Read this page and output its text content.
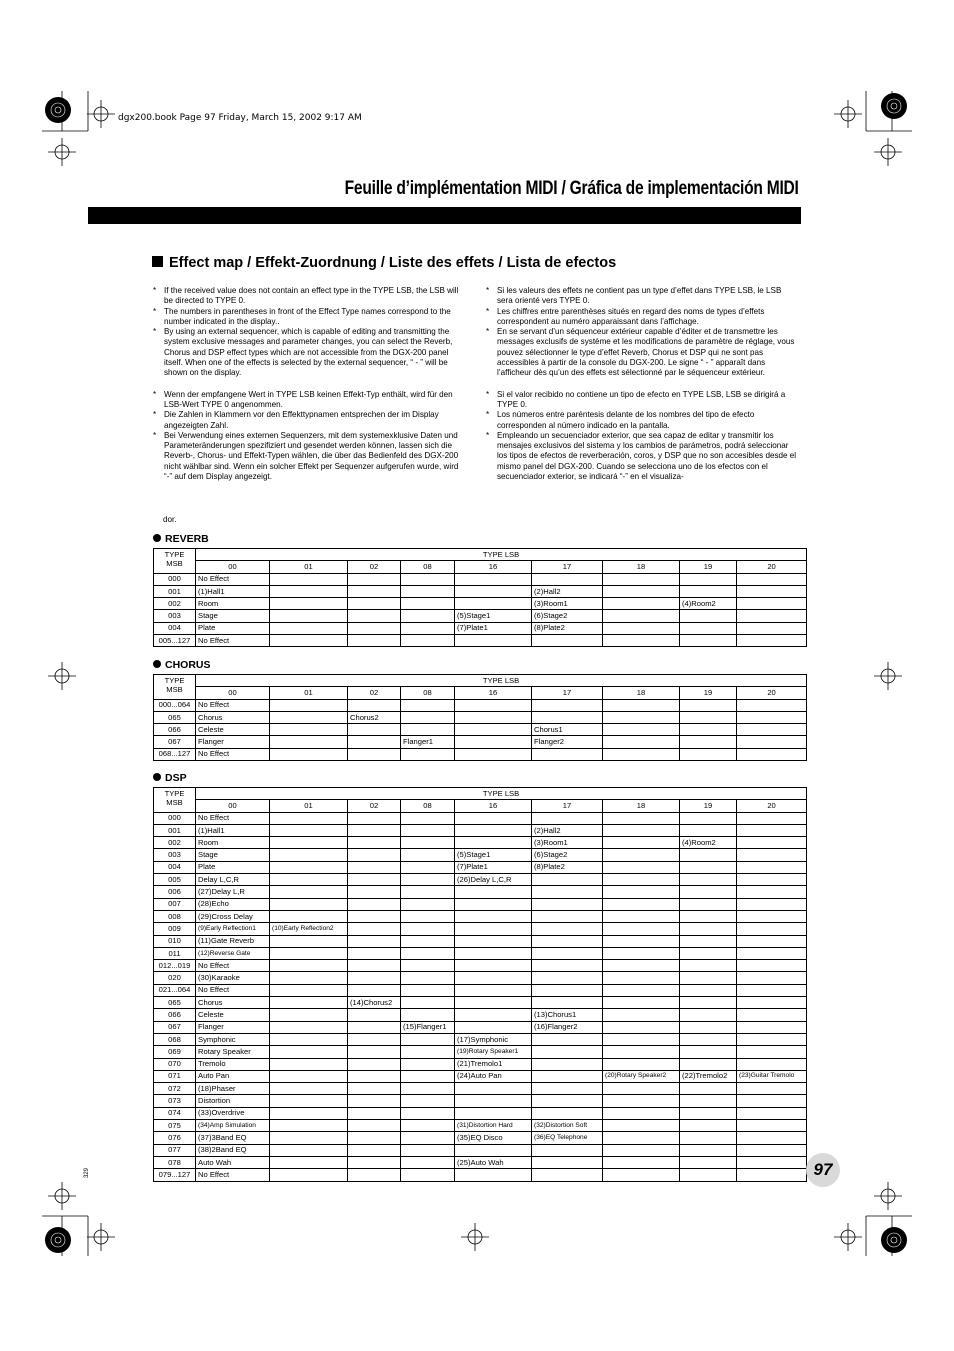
dgx200.book Page 97 Friday, March 15, 2002 9:17 AM
Feuille d’implémentation MIDI / Gráfica de implementación MIDI
Effect map / Effekt-Zuordnung / Liste des effets / Lista de efectos
* If the received value does not contain an effect type in the TYPE LSB, the LSB will be directed to TYPE 0.
* The numbers in parentheses in front of the Effect Type names correspond to the number indicated in the display..
* By using an external sequencer, which is capable of editing and transmitting the system exclusive messages and parameter changes, you can select the Reverb, Chorus and DSP effect types which are not accessible from the DGX-200 panel itself. When one of the effects is selected by the external sequencer, “ - ” will be shown on the display.
* Wenn der empfangene Wert in TYPE LSB keinen Effekt-Typ enthält, wird für den LSB-Wert TYPE 0 angenommen.
* Die Zahlen in Klammern vor den Effekttypnamen entsprechen der im Display angezeigten Zahl.
* Bei Verwendung eines externen Sequenzers, mit dem systemexklusive Daten und Parameteränderungen spezifiziert und gesendet werden können, lassen sich die Reverb-, Chorus- und Effekt-Typen wählen, die über das Bedienfeld des DGX-200 nicht wählbar sind. Wenn ein solcher Effekt per Sequenzer aufgerufen wurde, wird “-” auf dem Display angezeigt.
* Si les valeurs des effets ne contient pas un type d’effet dans TYPE LSB, le LSB sera orienté vers TYPE 0.
* Les chiffres entre parenthèses situés en regard des noms de types d’effets correspondent au numéro apparaissant dans l’affichage.
* En se servant d’un séquenceur extérieur capable d’éditer et de transmettre les messages exclusifs de système et les modifications de paramètre de réglage, vous pouvez sélectionner le type d’effet Reverb, Chorus et DSP qui ne sont pas accessibles à partir de la console du DGX-200. Le signe “ - ” apparaît dans l’afficheur dès qu’un des effets est sélectionné par le séquenceur extérieur.
* Si el valor recibido no contiene un tipo de efecto en TYPE LSB, LSB se dirigirá a TYPE 0.
* Los números entre paréntesis delante de los nombres del tipo de efecto corresponden al número indicado en la pantalla.
* Empleando un secuenciador exterior, que sea capaz de editar y transmitir los mensajes exclusivos del sistema y los cambios de parámetros, podrá seleccionar los tipos de efectos de reverberación, coros, y DSP que no son accesibles desde el mismo panel del DGX-200. Cuando se selecciona uno de los efectos con el secuenciador exterior, se indicará “-” en el visualiza-
dor.
REVERB
TYPE MSB	TYPE LSB								
	00	01	02	08	16	17	18	19	20
000	No Effect								
001	(1)Hall1					(2)Hall2			
002	Room					(3)Room1		(4)Room2	
003	Stage				(5)Stage1	(6)Stage2			
004	Plate				(7)Plate1	(8)Plate2			
005...127	No Effect								
CHORUS
TYPE MSB	TYPE LSB								
	00	01	02	08	16	17	18	19	20
000...064	No Effect								
065	Chorus		Chorus2						
066	Celeste					Chorus1			
067	Flanger			Flanger1		Flanger2			
068...127	No Effect								
DSP
TYPE MSB	TYPE LSB								
	00	01	02	08	16	17	18	19	20
000	No Effect								
001	(1)Hall1					(2)Hall2			
002	Room					(3)Room1		(4)Room2	
003	Stage				(5)Stage1	(6)Stage2			
004	Plate				(7)Plate1	(8)Plate2			
005	Delay L,C,R				(26)Delay L,C,R				
006	(27)Delay L,R								
007	(28)Echo								
008	(29)Cross Delay								
009	(9)Early Reflection1	(10)Early Reflection2							
010	(11)Gate Reverb								
011	(12)Reverse Gate								
012...019	No Effect								
020	(30)Karaoke								
021...064	No Effect								
065	Chorus		(14)Chorus2						
066	Celeste					(13)Chorus1			
067	Flanger			(15)Flanger1		(16)Flanger2			
068	Symphonic				(17)Symphonic				
069	Rotary Speaker				(19)Rotary Speaker1				
070	Tremolo				(21)Tremolo1				
071	Auto Pan				(24)Auto Pan		(20)Rotary Speaker2	(22)Tremolo2	(23)Guitar Tremolo
072	(18)Phaser								
073	Distortion								
074	(33)Overdrive								
075	(34)Amp Simulation				(31)Distortion Hard	(32)Distortion Soft			
076	(37)3Band EQ				(35)EQ Disco	(36)EQ Telephone			
077	(38)2Band EQ								
078	Auto Wah				(25)Auto Wah				
079...127	No Effect									97
329
